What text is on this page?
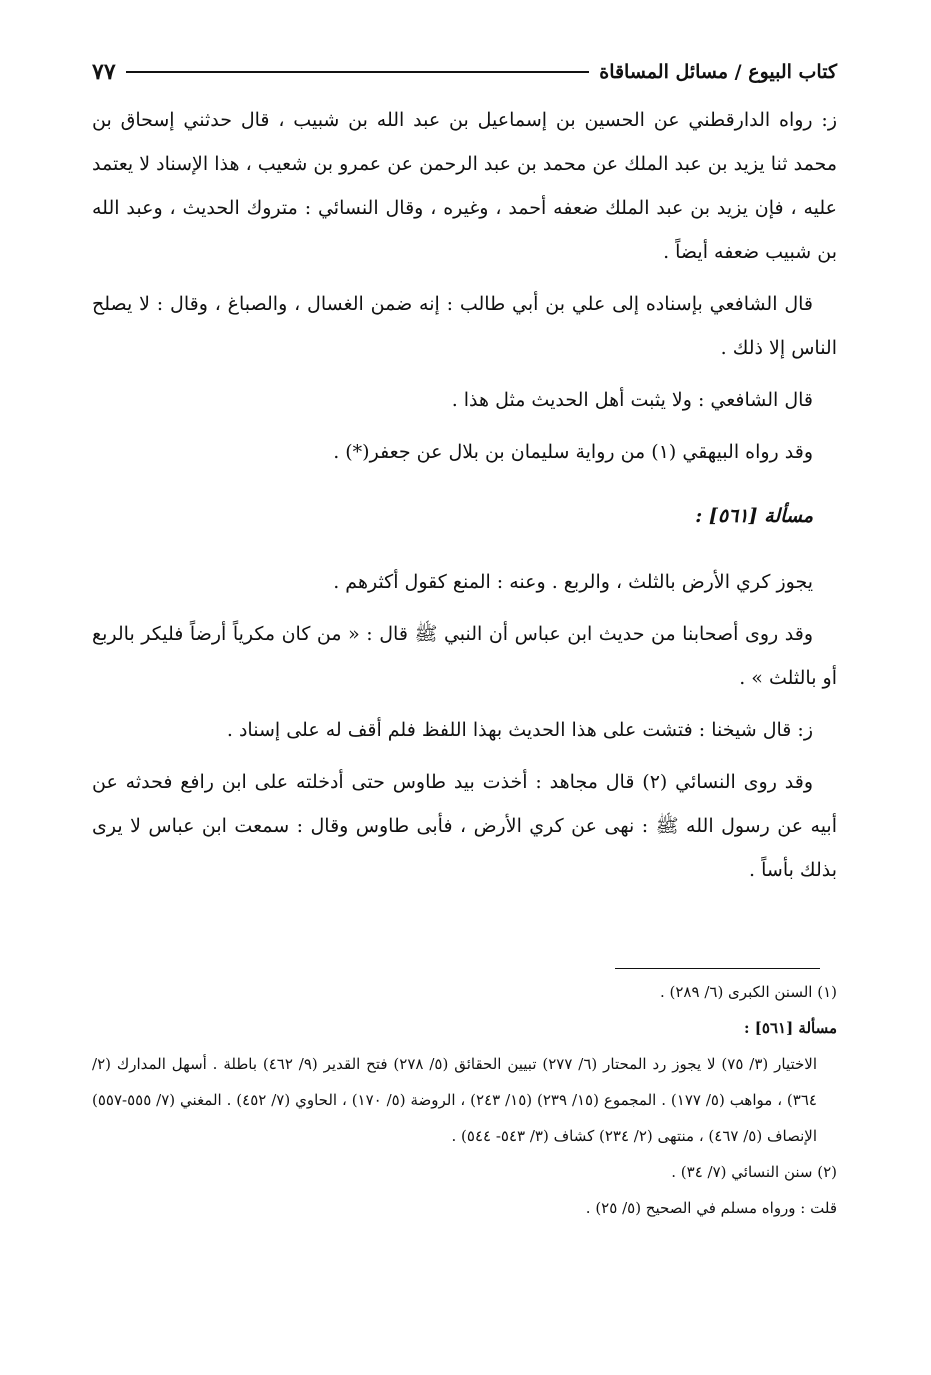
كتاب البيوع / مسائل المساقاة
٧٧

ز: رواه الدارقطني عن الحسين بن إسماعيل بن عبد الله بن شبيب ، قال حدثني إسحاق بن محمد ثنا يزيد بن عبد الملك عن محمد بن عبد الرحمن عن عمرو بن شعيب ، هذا الإسناد لا يعتمد عليه ، فإن يزيد بن عبد الملك ضعفه أحمد ، وغيره ، وقال النسائي : متروك الحديث ، وعبد الله بن شبيب ضعفه أيضاً .

قال الشافعي بإسناده إلى علي بن أبي طالب : إنه ضمن الغسال ، والصباغ ، وقال : لا يصلح الناس إلا ذلك .

قال الشافعي : ولا يثبت أهل الحديث مثل هذا .

وقد رواه البيهقي (١) من رواية سليمان بن بلال عن جعفر(*) .

مسألة [٥٦١] :

يجوز كري الأرض بالثلث ، والربع . وعنه : المنع كقول أكثرهم .

وقد روى أصحابنا من حديث ابن عباس أن النبي ﷺ قال : « من كان مكرياً أرضاً فليكر بالربع أو بالثلث » .

ز: قال شيخنا : فتشت على هذا الحديث بهذا اللفظ فلم أقف له على إسناد .

وقد روى النسائي (٢) قال مجاهد : أخذت بيد طاوس حتى أدخلته على ابن رافع فحدثه عن أبيه عن رسول الله ﷺ : نهى عن كري الأرض ، فأبى طاوس وقال : سمعت ابن عباس لا يرى بذلك بأساً .

(١) السنن الكبرى (٦/ ٢٨٩) .

مسألة [٥٦١] :

الاختيار (٣/ ٧٥) لا يجوز رد المحتار (٦/ ٢٧٧) تبيين الحقائق (٥/ ٢٧٨) فتح القدير (٩/ ٤٦٢) باطلة . أسهل المدارك (٢/ ٣٦٤) ، مواهب (٥/ ١٧٧) . المجموع (١٥/ ٢٣٩) (١٥/ ٢٤٣) ، الروضة (٥/ ١٧٠) ، الحاوي (٧/ ٤٥٢) . المغني (٧/ ٥٥٥-٥٥٧) الإنصاف (٥/ ٤٦٧) ، منتهى (٢/ ٢٣٤) كشاف (٣/ ٥٤٣- ٥٤٤) .

(٢) سنن النسائي (٧/ ٣٤) .

قلت : ورواه مسلم في الصحيح (٥/ ٢٥) .
